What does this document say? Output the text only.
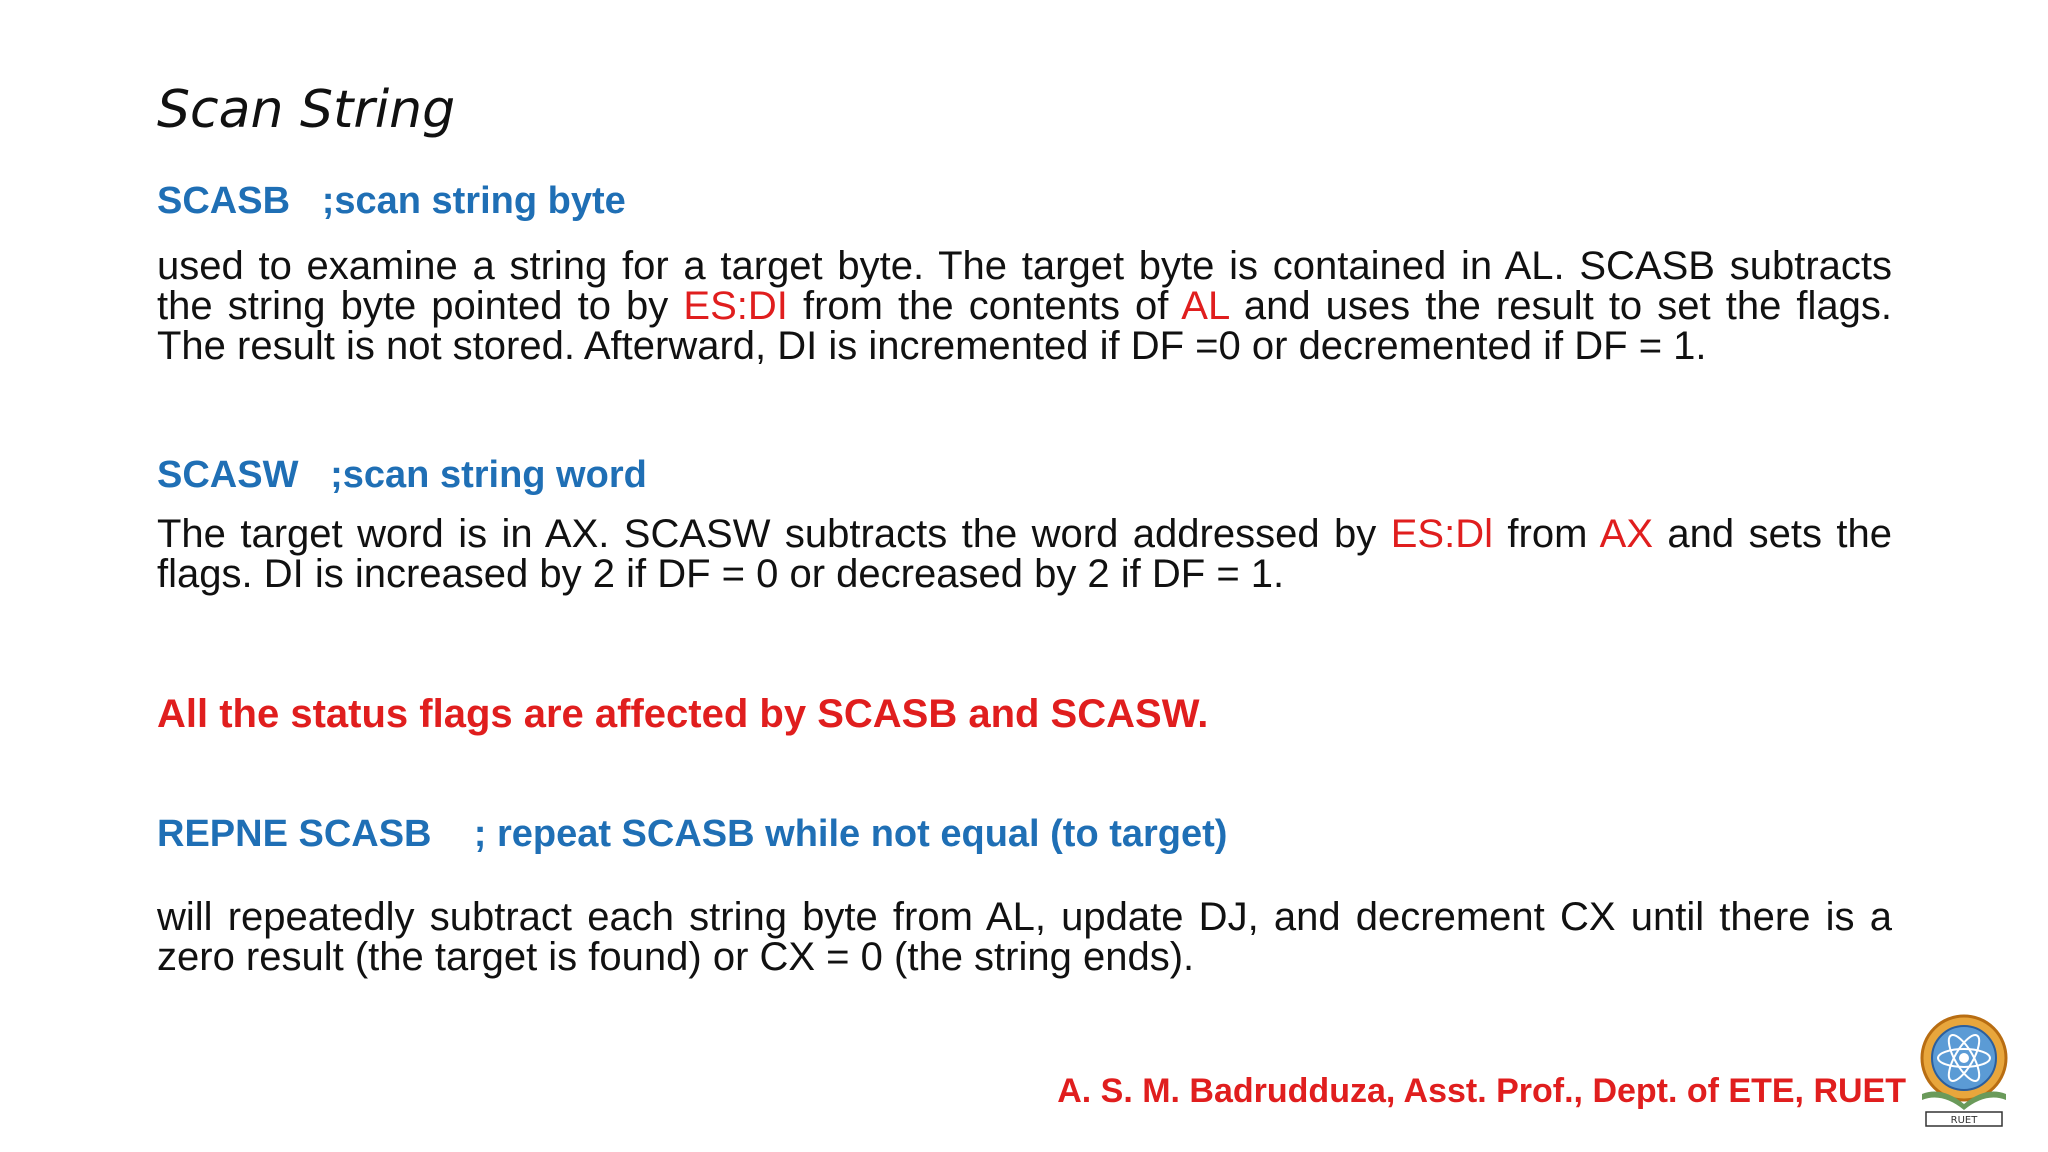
Scan String
SCASB   ;scan string byte
used to examine a string for a target byte. The target byte is contained in AL. SCASB subtracts the string byte pointed to by ES:DI from the contents of AL and uses the result to set the flags. The result is not stored. Afterward, DI is incremented if DF =0 or decremented if DF = 1.
SCASW   ;scan string word
The target word is in AX. SCASW subtracts the word addressed by ES:Dl from AX and sets the flags. DI is increased by 2 if DF = 0 or decreased by 2 if DF = 1.
All the status flags are affected by SCASB and SCASW.
REPNE SCASB    ; repeat SCASB while not equal (to target)
will repeatedly subtract each string byte from AL, update DJ, and decrement CX until there is a zero result (the target is found) or CX = 0 (the string ends).
A. S. M. Badrudduza, Asst. Prof., Dept. of ETE, RUET
RUET
